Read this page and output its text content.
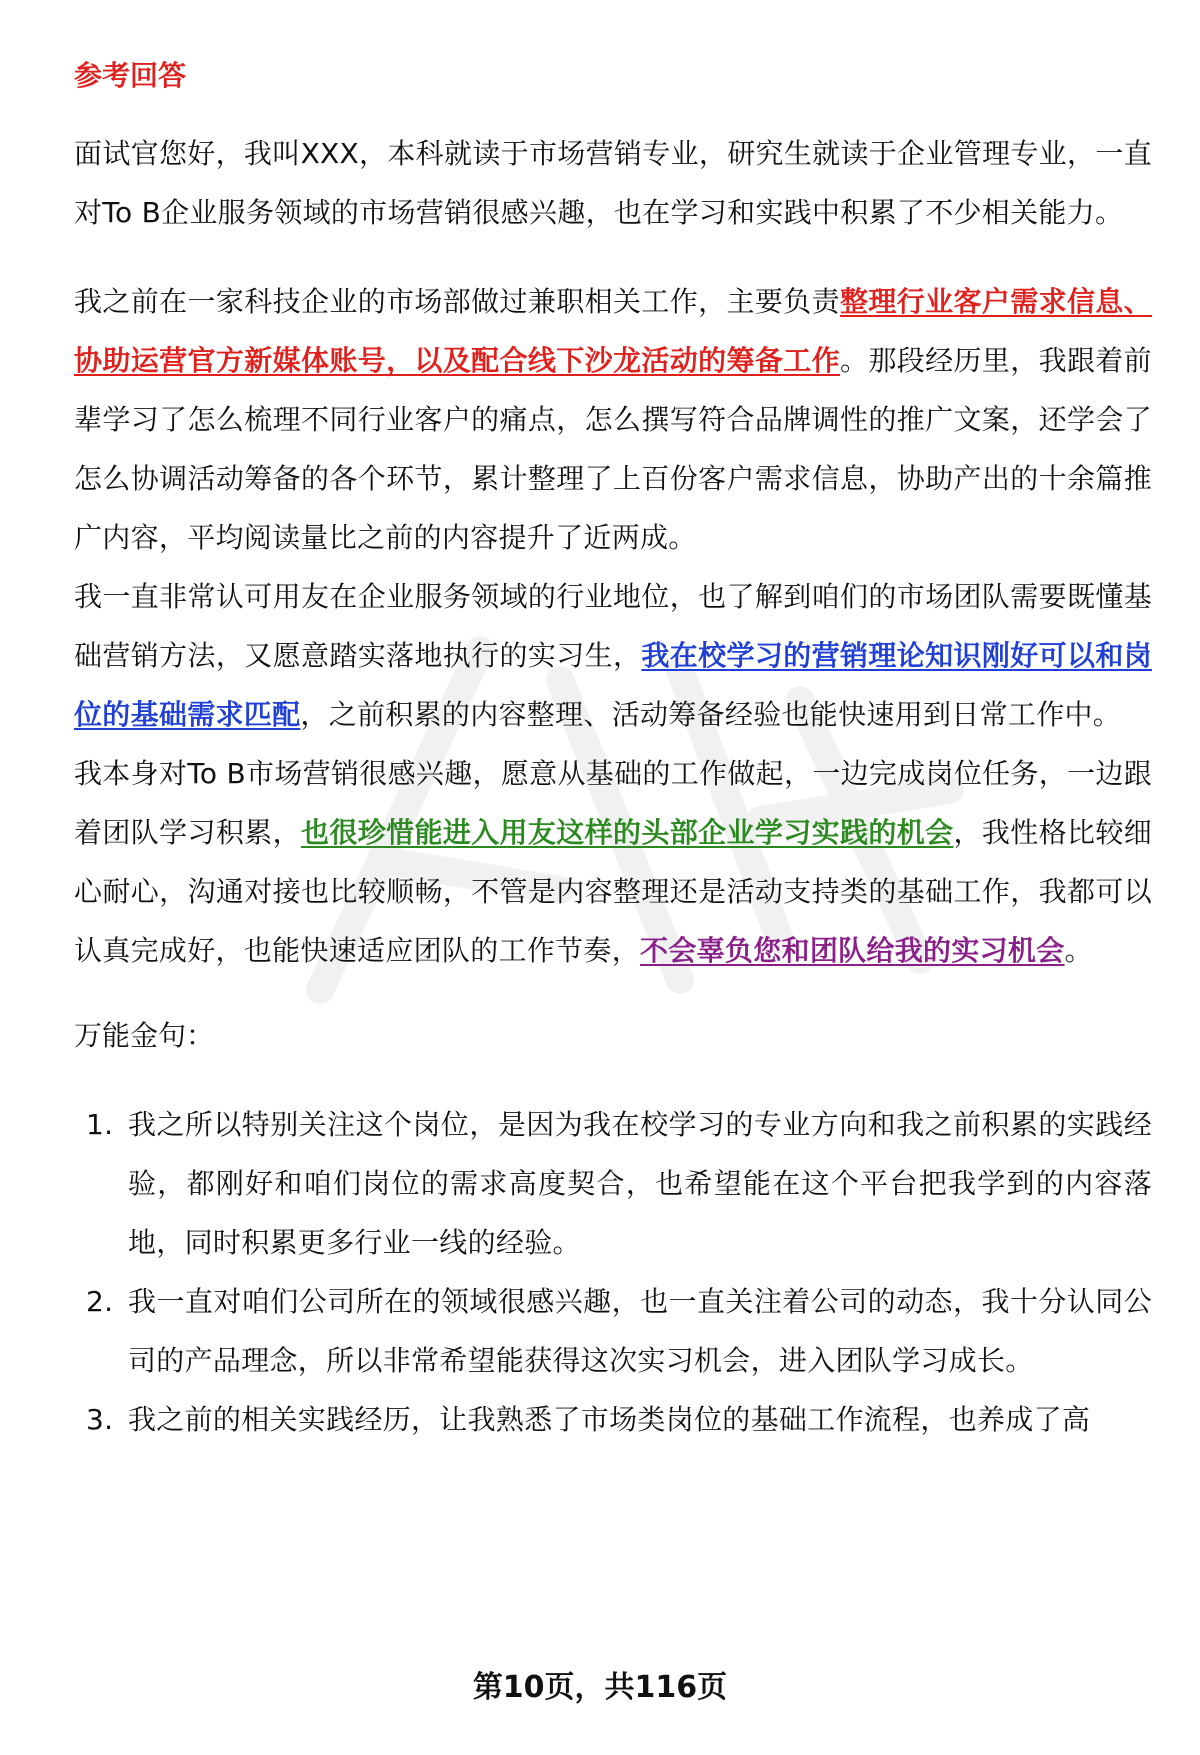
参考回答

面试官您好，我叫XXX，本科就读于市场营销专业，研究生就读于企业管理专业，一直对To B企业服务领域的市场营销很感兴趣，也在学习和实践中积累了不少相关能力。

我之前在一家科技企业的市场部做过兼职相关工作，主要负责整理行业客户需求信息、协助运营官方新媒体账号，以及配合线下沙龙活动的筹备工作。那段经历里，我跟着前辈学习了怎么梳理不同行业客户的痛点，怎么撰写符合品牌调性的推广文案，还学会了怎么协调活动筹备的各个环节，累计整理了上百份客户需求信息，协助产出的十余篇推广内容，平均阅读量比之前的内容提升了近两成。

我一直非常认可用友在企业服务领域的行业地位，也了解到咱们的市场团队需要既懂基础营销方法，又愿意踏实落地执行的实习生，我在校学习的营销理论知识刚好可以和岗位的基础需求匹配，之前积累的内容整理、活动筹备经验也能快速用到日常工作中。

我本身对To B市场营销很感兴趣，愿意从基础的工作做起，一边完成岗位任务，一边跟着团队学习积累，也很珍惜能进入用友这样的头部企业学习实践的机会，我性格比较细心耐心，沟通对接也比较顺畅，不管是内容整理还是活动支持类的基础工作，我都可以认真完成好，也能快速适应团队的工作节奏，不会辜负您和团队给我的实习机会。

万能金句：
1. 我之所以特别关注这个岗位，是因为我在校学习的专业方向和我之前积累的实践经验，都刚好和咱们岗位的需求高度契合，也希望能在这个平台把我学到的内容落地，同时积累更多行业一线的经验。
2. 我一直对咱们公司所在的领域很感兴趣，也一直关注着公司的动态，我十分认同公司的产品理念，所以非常希望能获得这次实习机会，进入团队学习成长。
3. 我之前的相关实践经历，让我熟悉了市场类岗位的基础工作流程，也养成了高
第10页，共116页
